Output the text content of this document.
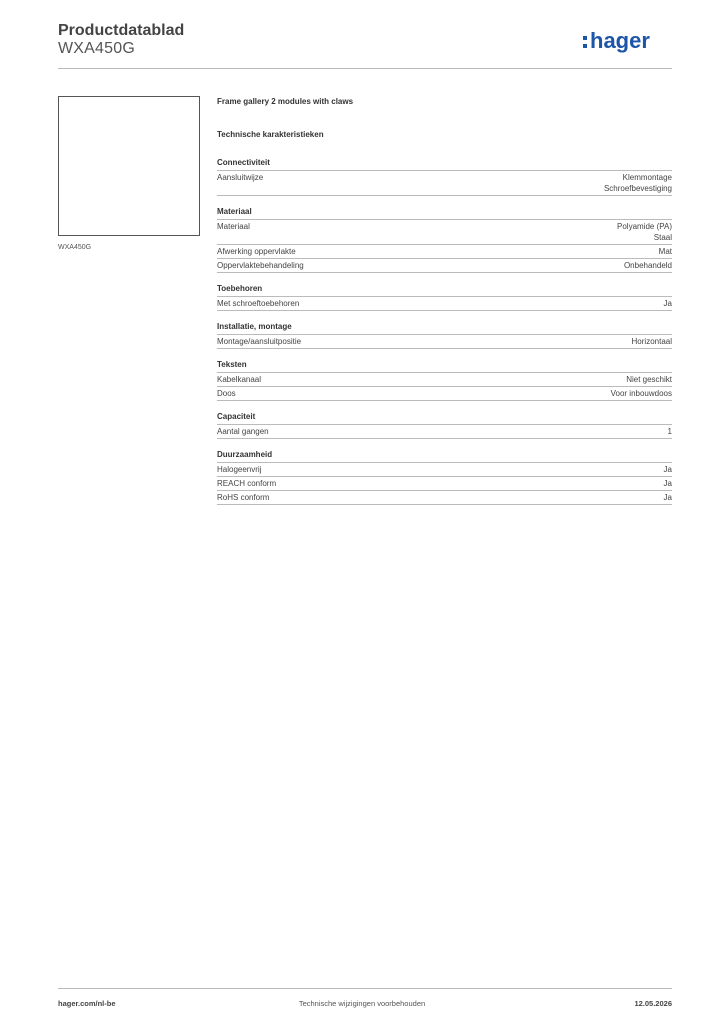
Productdatablad
WXA450G	hager
WXA450G
Frame gallery 2 modules with claws
Technische karakteristieken
Connectiviteit
Aansluitwijze	Klemmontage
Schroefbevestiging
Materiaal
Materiaal	Polyamide (PA)
Staal
Afwerking oppervlakte	Mat
Oppervlaktebehandeling	Onbehandeld
Toebehoren
Met schroeftoebehoren	Ja
Installatie, montage
Montage/aansluitpositie	Horizontaal
Teksten
Kabelkanaal	Niet geschikt
Doos	Voor inbouwdoos
Capaciteit
Aantal gangen	1
Duurzaamheid
Halogeenvrij	Ja
REACH conform	Ja
RoHS conform	Ja
hager.com/nl-be	Technische wijzigingen voorbehouden	12.05.2026
